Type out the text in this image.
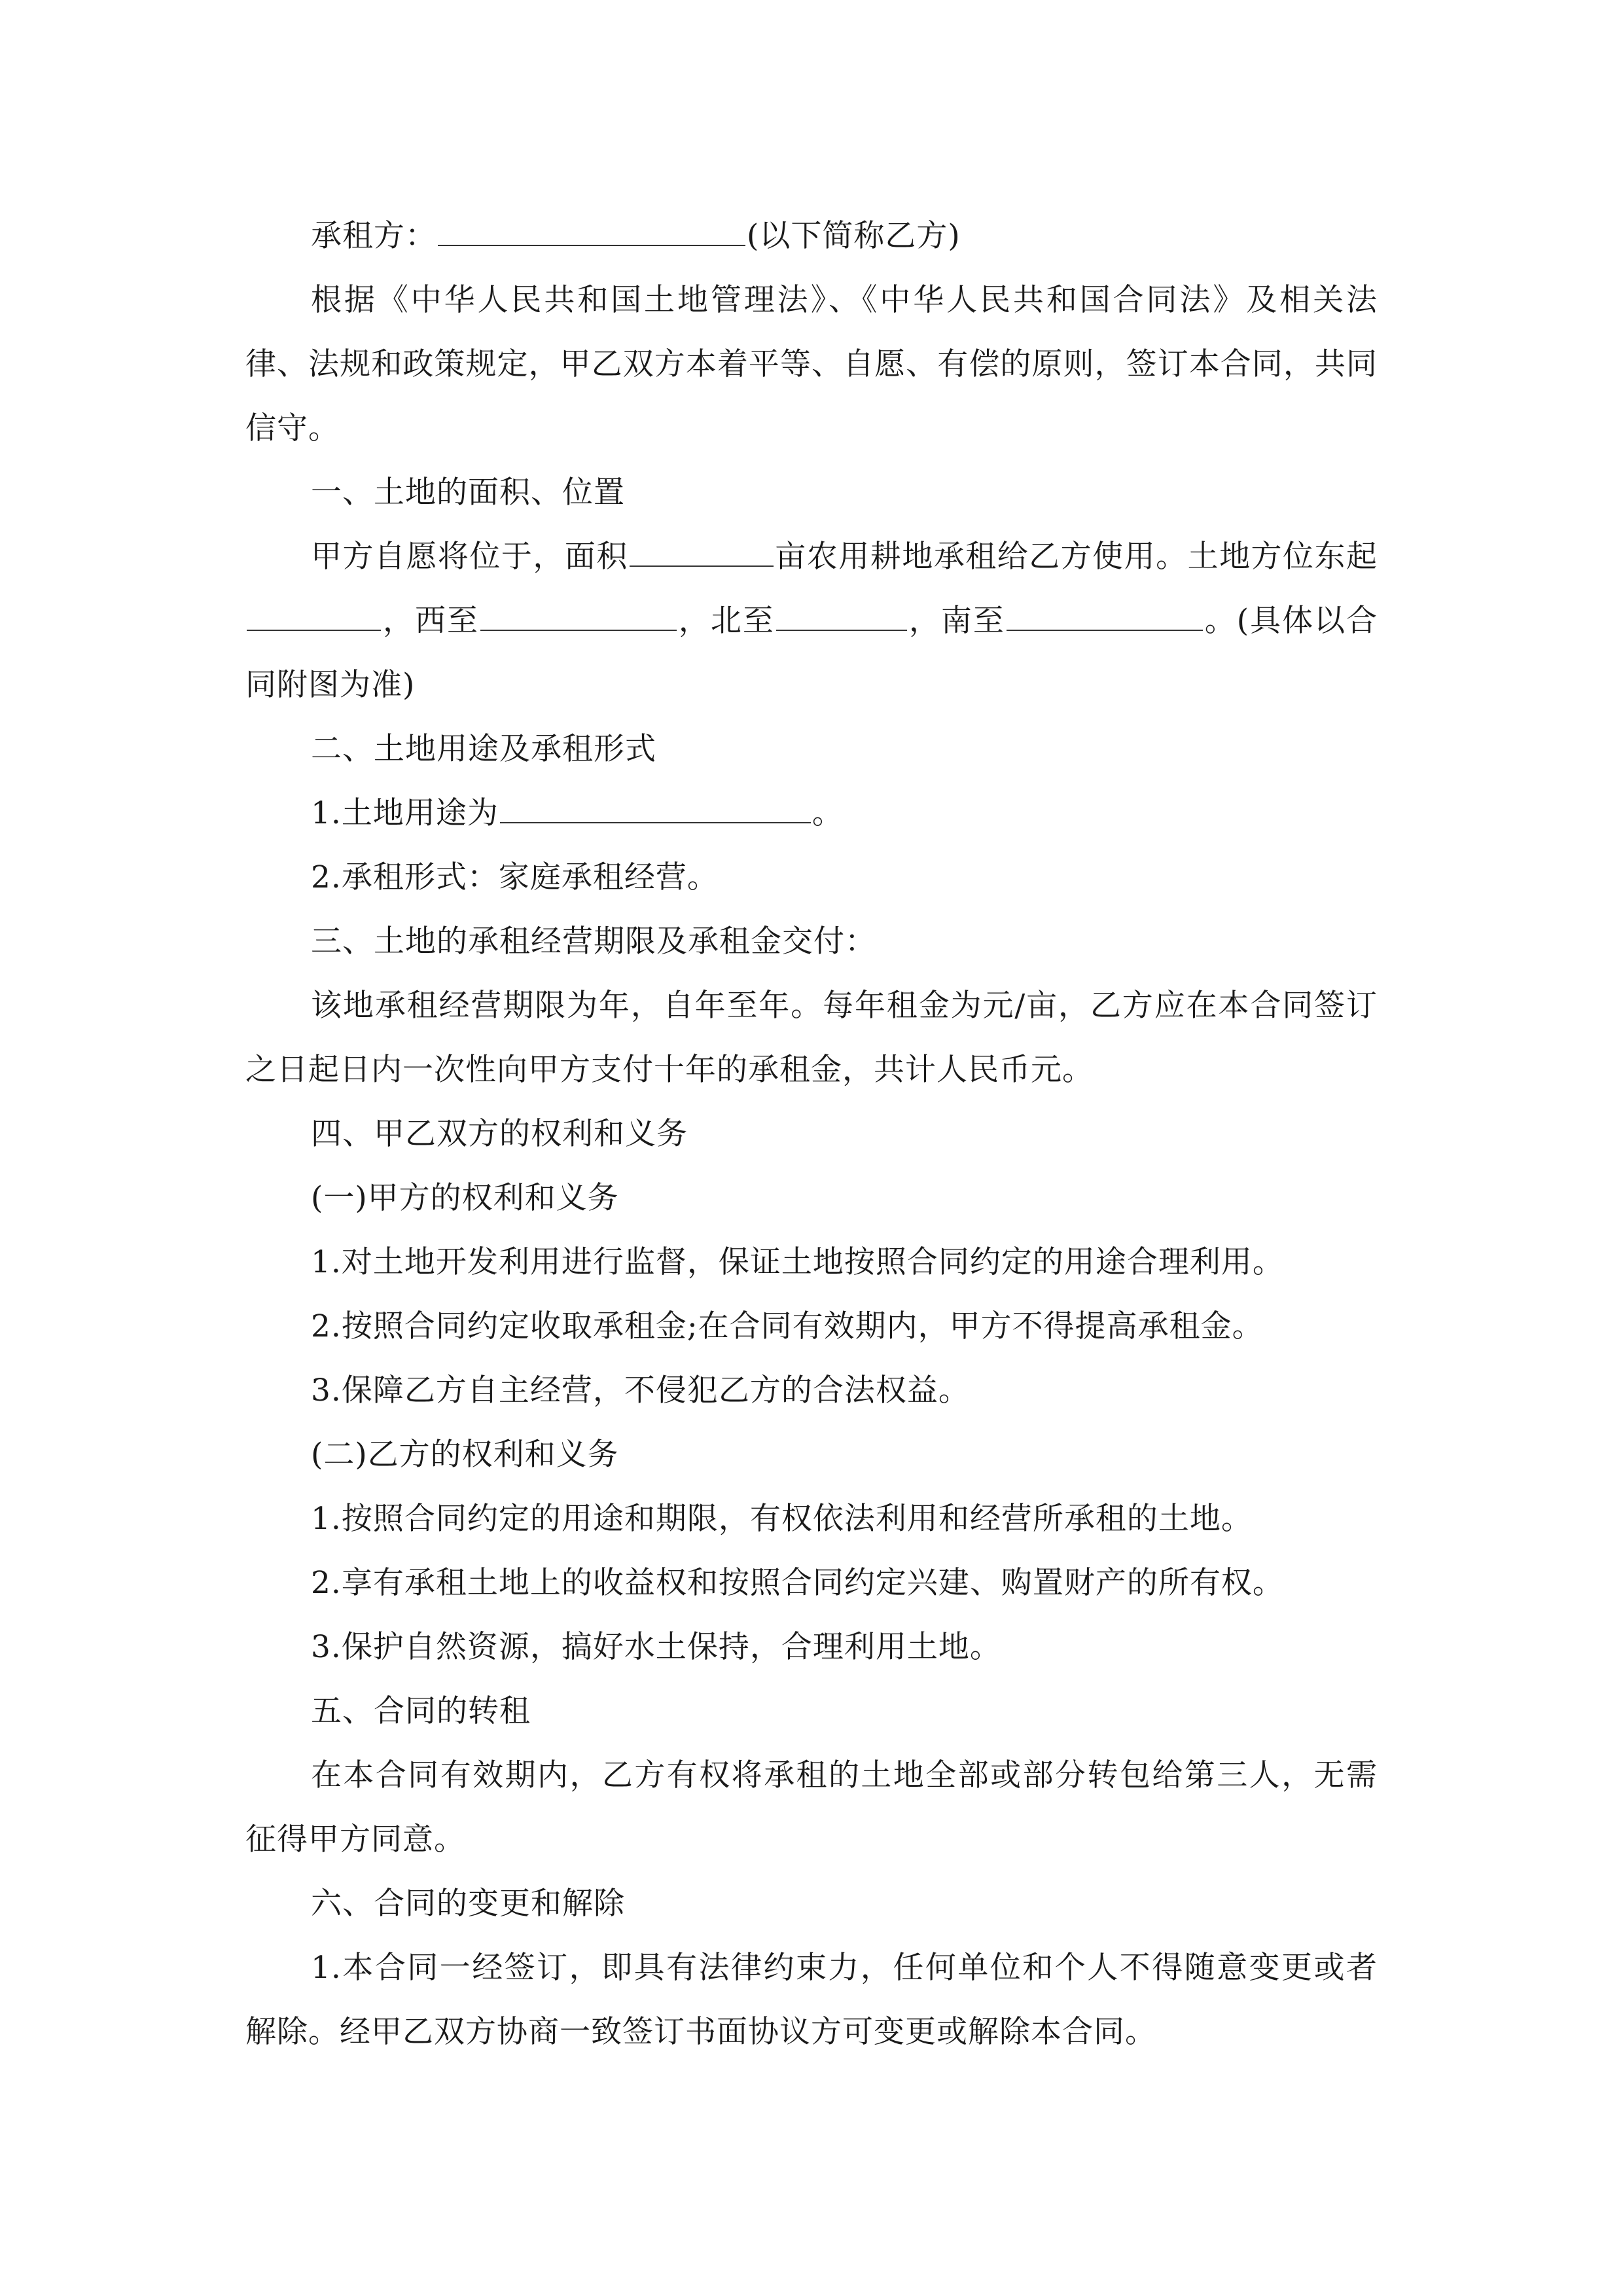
承租方：	(以下简称乙方)

根据《中华人民共和国土地管理法》、《中华人民共和国合同法》及相关法律、法规和政策规定，甲乙双方本着平等、自愿、有偿的原则，签订本合同，共同信守。

一、土地的面积、位置

甲方自愿将位于，面积	亩农用耕地承租给乙方使用。土地方位东起，西至	，北至	，南至	。(具体以合同附图为准)

二、土地用途及承租形式

1.土地用途为	。

2.承租形式：家庭承租经营。

三、土地的承租经营期限及承租金交付：

该地承租经营期限为年，自年至年。每年租金为元/亩，乙方应在本合同签订之日起日内一次性向甲方支付十年的承租金，共计人民币元。

四、甲乙双方的权利和义务

(一)甲方的权利和义务

1.对土地开发利用进行监督，保证土地按照合同约定的用途合理利用。

2.按照合同约定收取承租金;在合同有效期内，甲方不得提高承租金。

3.保障乙方自主经营，不侵犯乙方的合法权益。

(二)乙方的权利和义务

1.按照合同约定的用途和期限，有权依法利用和经营所承租的土地。

2.享有承租土地上的收益权和按照合同约定兴建、购置财产的所有权。

3.保护自然资源，搞好水土保持，合理利用土地。

五、合同的转租

在本合同有效期内，乙方有权将承租的土地全部或部分转包给第三人，无需征得甲方同意。

六、合同的变更和解除

1.本合同一经签订，即具有法律约束力，任何单位和个人不得随意变更或者解除。经甲乙双方协商一致签订书面协议方可变更或解除本合同。
